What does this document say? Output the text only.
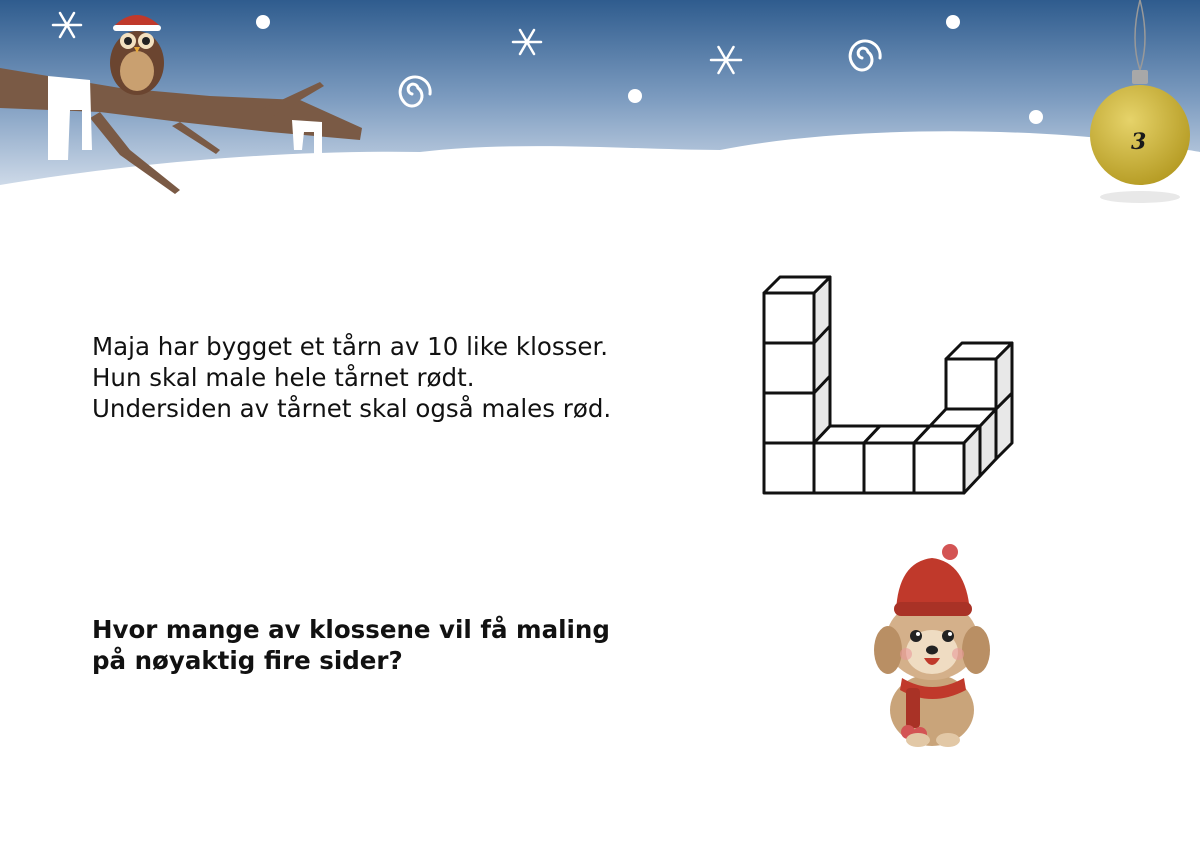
3
Maja har bygget et tårn av 10 like klosser.
Hun skal male hele tårnet rødt.
Undersiden av tårnet skal også males rød.
Hvor mange av klossene vil få maling
på nøyaktig fire sider?
